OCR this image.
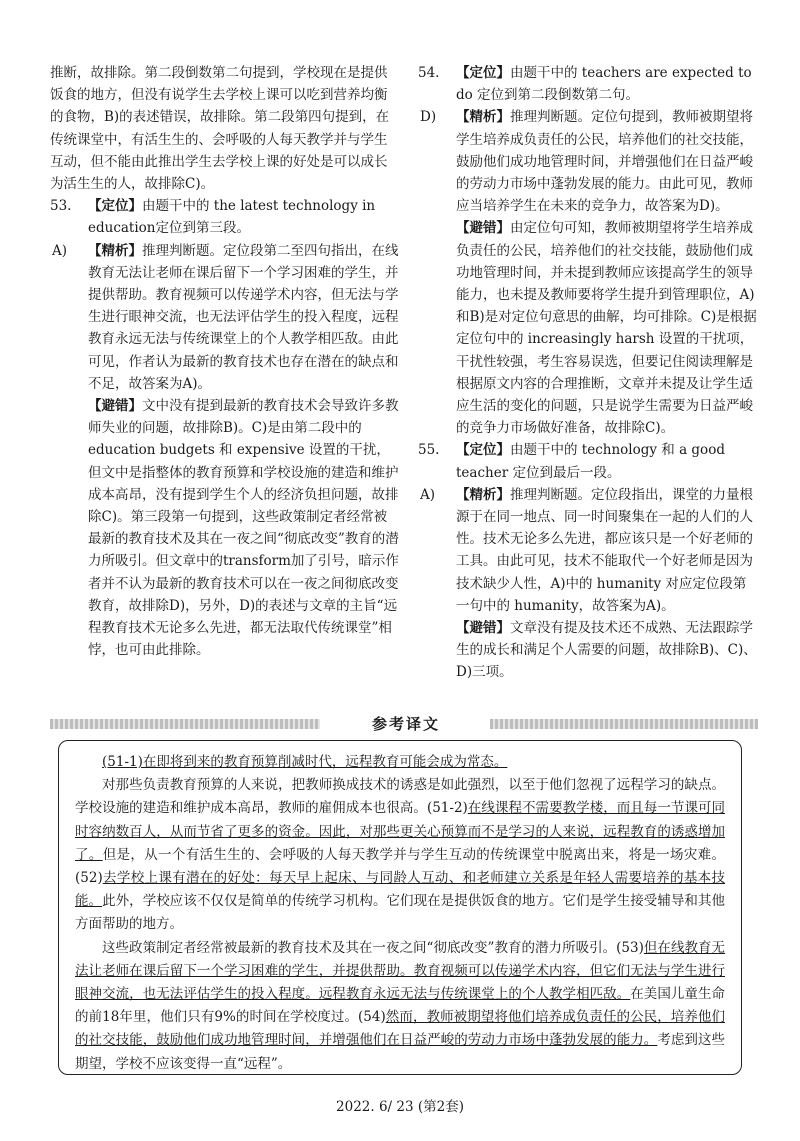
推断，故排除。第二段倒数第二句提到，学校现在是提供饭食的地方，但没有说学生去学校上课可以吃到营养均衡的食物，B)的表述错误，故排除。第二段第四句提到，在传统课堂中，有活生生的、会呼吸的人每天教学并与学生互动，但不能由此推出学生去学校上课的好处是可以成长为活生生的人，故排除C)。

53. 【定位】由题干中的 the latest technology in education定位到第三段。

A) 【精析】推理判断题。定位段第二至四句指出，在线教育无法让老师在课后留下一个学习困难的学生，并提供帮助。教育视频可以传递学术内容，但无法与学生进行眼神交流，也无法评估学生的投入程度，远程教育永远无法与传统课堂上的个人教学相匹敌。由此可见，作者认为最新的教育技术也存在潜在的缺点和不足，故答案为A)。

【避错】文中没有提到最新的教育技术会导致许多教师失业的问题，故排除B)。C)是由第二段中的 education budgets 和 expensive 设置的干扰，但文中是指整体的教育预算和学校设施的建造和维护成本高昂，没有提到学生个人的经济负担问题，故排除C)。第三段第一句提到，这些政策制定者经常被最新的教育技术及其在一夜之间“彻底改变”教育的潜力所吸引。但文章中的transform加了引号，暗示作者并不认为最新的教育技术可以在一夜之间彻底改变教育，故排除D)，另外，D)的表述与文章的主旨“远程教育技术无论多么先进，都无法取代传统课堂”相悖，也可由此排除。

54. 【定位】由题干中的 teachers are expected to do 定位到第二段倒数第二句。

D) 【精析】推理判断题。定位句提到，教师被期望将学生培养成负责任的公民，培养他们的社交技能，鼓励他们成功地管理时间，并增强他们在日益严峻的劳动力市场中蓬勃发展的能力。由此可见，教师应当培养学生在未来的竞争力，故答案为D)。

【避错】由定位句可知，教师被期望将学生培养成负责任的公民，培养他们的社交技能，鼓励他们成功地管理时间，并未提到教师应该提高学生的领导能力，也未提及教师要将学生提升到管理职位，A)和B)是对定位句意思的曲解，均可排除。C)是根据定位句中的 increasingly harsh 设置的干扰项，干扰性较强，考生容易误选，但要记住阅读理解是根据原文内容的合理推断，文章并未提及让学生适应生活的变化的问题，只是说学生需要为日益严峻的竞争力市场做好准备，故排除C)。

55. 【定位】由题干中的 technology 和 a good teacher 定位到最后一段。

A) 【精析】推理判断题。定位段指出，课堂的力量根源于在同一地点、同一时间聚集在一起的人们的人性。技术无论多么先进，都应该只是一个好老师的工具。由此可见，技术不能取代一个好老师是因为技术缺少人性，A)中的 humanity 对应定位段第一句中的 humanity，故答案为A)。

【避错】文章没有提及技术还不成熟、无法跟踪学生的成长和满足个人需要的问题，故排除B)、C)、D)三项。

参考译文

(51-1)在即将到来的教育预算削减时代，远程教育可能会成为常态。

对那些负责教育预算的人来说，把教师换成技术的诱惑是如此强烈，以至于他们忽视了远程学习的缺点。学校设施的建造和维护成本高昂，教师的雇佣成本也很高。(51-2)在线课程不需要教学楼，而且每一节课可同时容纳数百人，从而节省了更多的资金。因此，对那些更关心预算而不是学习的人来说，远程教育的诱惑增加了。但是，从一个有活生生的、会呼吸的人每天教学并与学生互动的传统课堂中脱离出来，将是一场灾难。(52)去学校上课有潜在的好处：每天早上起床、与同龄人互动、和老师建立关系是年轻人需要培养的基本技能。此外，学校应该不仅仅是简单的传统学习机构。它们现在是提供饭食的地方。它们是学生接受辅导和其他方面帮助的地方。

这些政策制定者经常被最新的教育技术及其在一夜之间“彻底改变”教育的潜力所吸引。(53)但在线教育无法让老师在课后留下一个学习困难的学生，并提供帮助。教育视频可以传递学术内容，但它们无法与学生进行眼神交流，也无法评估学生的投入程度。远程教育永远无法与传统课堂上的个人教学相匹敌。在美国儿童生命的前18年里，他们只有9%的时间在学校度过。(54)然而，教师被期望将他们培养成负责任的公民，培养他们的社交技能，鼓励他们成功地管理时间，并增强他们在日益严峻的劳动力市场中蓬勃发展的能力。考虑到这些期望，学校不应该变得一直“远程”。

2022. 6/ 23 (第2套)
